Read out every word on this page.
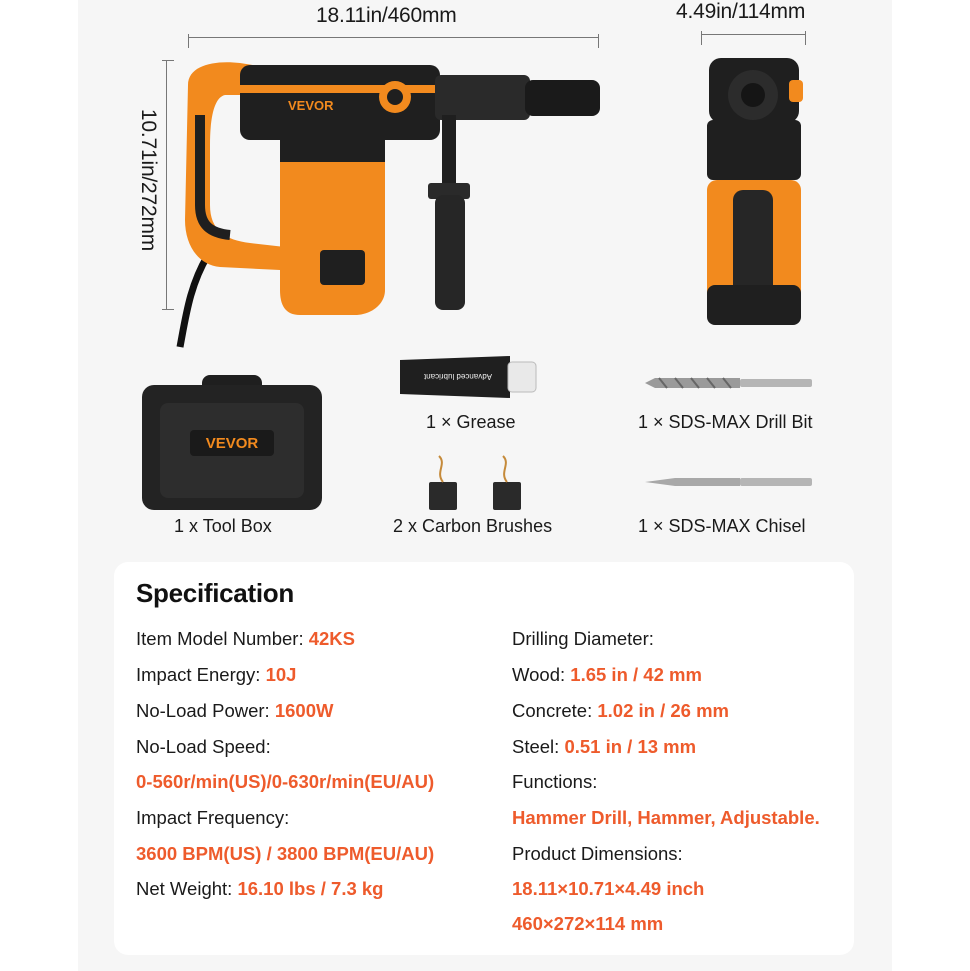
18.11in/460mm	4.49in/114mm
10.71in/272mm
VEVOR
VEVOR
1 x Tool Box
Advanced lubricant
1 × Grease	1 × SDS-MAX Drill Bit
2 x Carbon Brushes	1 × SDS-MAX Chisel
Specification
Item Model Number: 42KS
Impact Energy: 10J
No-Load Power: 1600W
No-Load Speed:
0-560r/min(US)/0-630r/min(EU/AU)
Impact Frequency:
3600 BPM(US) / 3800 BPM(EU/AU)
Net Weight: 16.10 lbs / 7.3 kg
Drilling Diameter:
Wood: 1.65 in / 42 mm
Concrete: 1.02 in / 26 mm
Steel: 0.51 in / 13 mm
Functions:
Hammer Drill, Hammer, Adjustable.
Product Dimensions:
18.11×10.71×4.49 inch
460×272×114 mm
